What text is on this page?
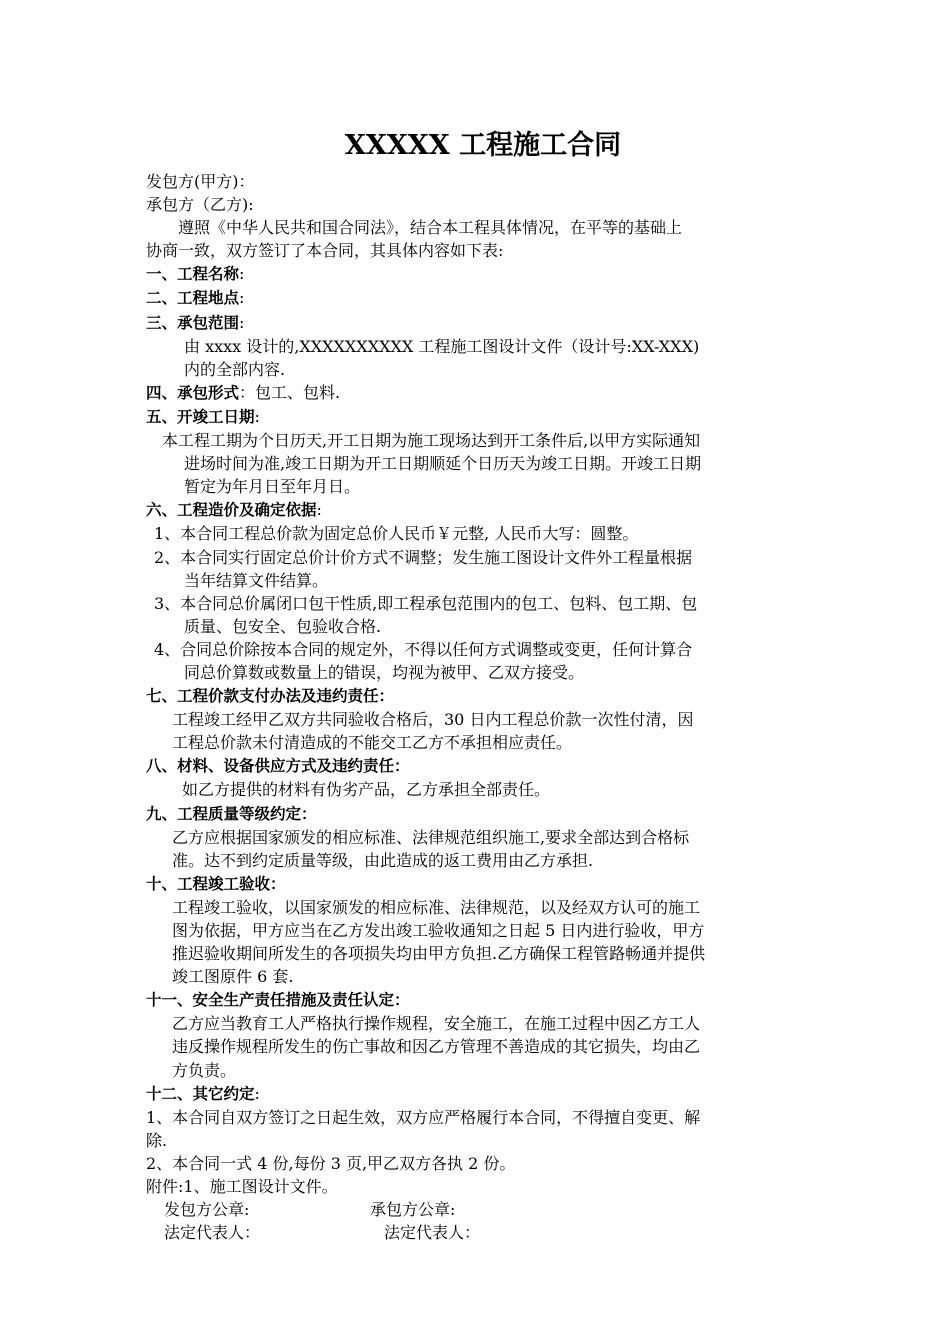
XXXXX 工程施工合同
发包方(甲方)：
承包方（乙方):
遵照《中华人民共和国合同法》，结合本工程具体情况，在平等的基础上
协商一致，双方签订了本合同，其具体内容如下表:
一、工程名称:
二、工程地点:
三、承包范围:
由 xxxx 设计的,XXXXXXXXXX 工程施工图设计文件（设计号:XX-XXX)
内的全部内容.
四、承包形式：包工、包料.
五、开竣工日期:
本工程工期为个日历天,开工日期为施工现场达到开工条件后,以甲方实际通知
进场时间为准,竣工日期为开工日期顺延个日历天为竣工日期。开竣工日期
暂定为年月日至年月日。
六、工程造价及确定依据:
1、本合同工程总价款为固定总价人民币￥元整, 人民币大写：圆整。
2、本合同实行固定总价计价方式不调整；发生施工图设计文件外工程量根据
当年结算文件结算。
3、本合同总价属闭口包干性质,即工程承包范围内的包工、包料、包工期、包
质量、包安全、包验收合格.
4、合同总价除按本合同的规定外，不得以任何方式调整或变更，任何计算合
同总价算数或数量上的错误，均视为被甲、乙双方接受。
七、工程价款支付办法及违约责任：
工程竣工经甲乙双方共同验收合格后，30 日内工程总价款一次性付清，因
工程总价款未付清造成的不能交工乙方不承担相应责任。
八、材料、设备供应方式及违约责任：
如乙方提供的材料有伪劣产品，乙方承担全部责任。
九、工程质量等级约定：
乙方应根据国家颁发的相应标准、法律规范组织施工,要求全部达到合格标
准。达不到约定质量等级，由此造成的返工费用由乙方承担.
十、工程竣工验收：
工程竣工验收，以国家颁发的相应标准、法律规范，以及经双方认可的施工
图为依据，甲方应当在乙方发出竣工验收通知之日起 5 日内进行验收，甲方
推迟验收期间所发生的各项损失均由甲方负担.乙方确保工程管路畅通并提供
竣工图原件 6 套.
十一、安全生产责任措施及责任认定：
乙方应当教育工人严格执行操作规程，安全施工，在施工过程中因乙方工人
违反操作规程所发生的伤亡事故和因乙方管理不善造成的其它损失，均由乙
方负责。
十二、其它约定:
1、本合同自双方签订之日起生效，双方应严格履行本合同，不得擅自变更、解
除.
2、本合同一式 4 份,每份 3 页,甲乙双方各执 2 份。
附件:1、施工图设计文件。
发包方公章:	承包方公章:
法定代表人：	法定代表人：
